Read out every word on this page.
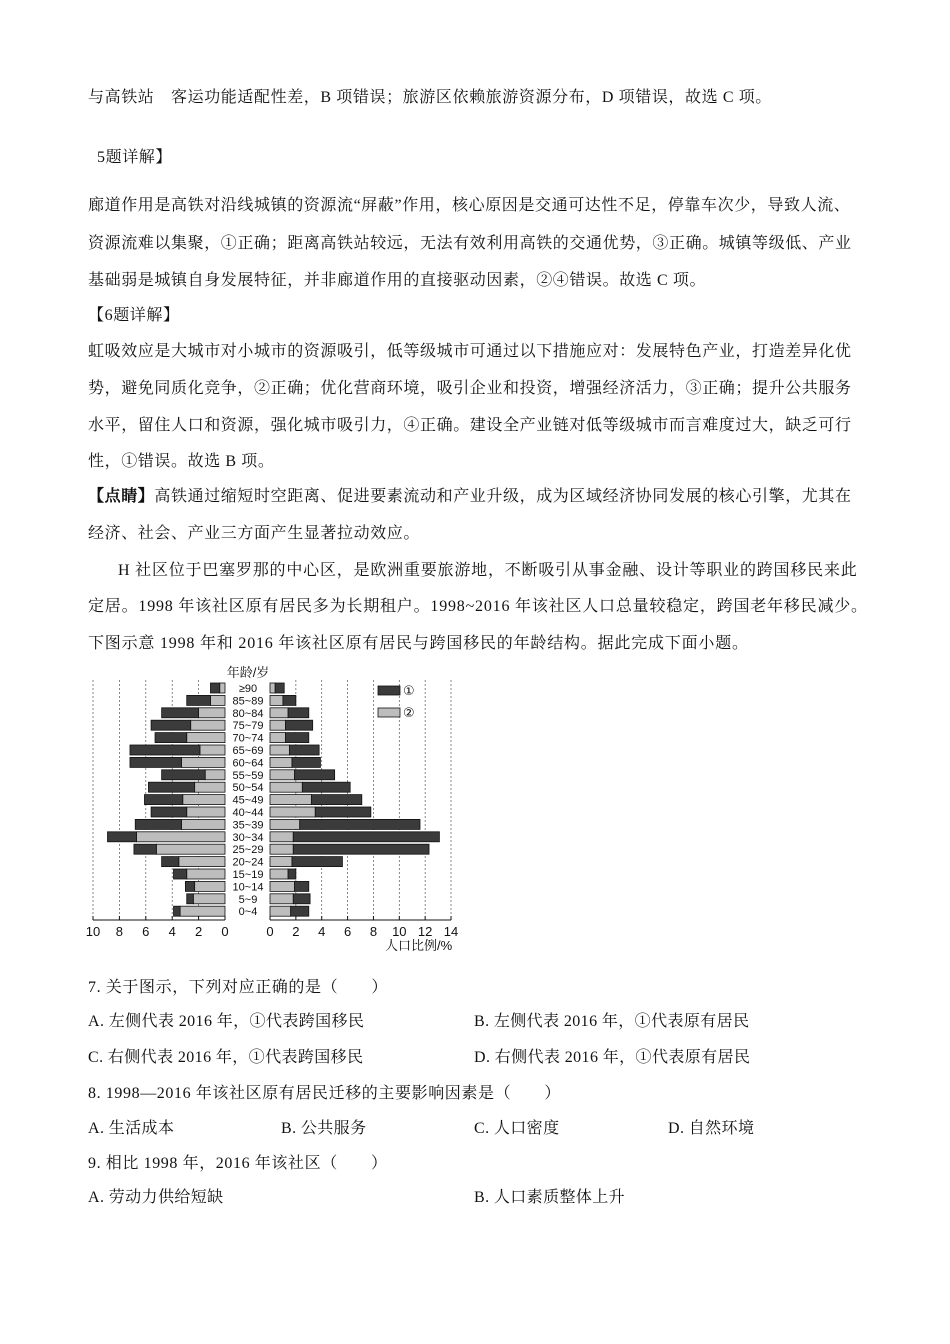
与高铁站　客运功能适配性差，B 项错误；旅游区依赖旅游资源分布，D 项错误，故选 C 项。
5题详解】
廊道作用是高铁对沿线城镇的资源流“屏蔽”作用，核心原因是交通可达性不足，停靠车次少，导致人流、
资源流难以集聚，①正确；距离高铁站较远，无法有效利用高铁的交通优势，③正确。城镇等级低、产业
基础弱是城镇自身发展特征，并非廊道作用的直接驱动因素，②④错误。故选 C 项。
【6题详解】
虹吸效应是大城市对小城市的资源吸引，低等级城市可通过以下措施应对：发展特色产业，打造差异化优
势，避免同质化竞争，②正确；优化营商环境，吸引企业和投资，增强经济活力，③正确；提升公共服务
水平，留住人口和资源，强化城市吸引力，④正确。建设全产业链对低等级城市而言难度过大，缺乏可行
性，①错误。故选 B 项。
【点睛】高铁通过缩短时空距离、促进要素流动和产业升级，成为区域经济协同发展的核心引擎，尤其在
经济、社会、产业三方面产生显著拉动效应。
H 社区位于巴塞罗那的中心区，是欧洲重要旅游地，不断吸引从事金融、设计等职业的跨国移民来此
定居。1998 年该社区原有居民多为长期租户。1998~2016 年该社区人口总量较稳定，跨国老年移民减少。
下图示意 1998 年和 2016 年该社区原有居民与跨国移民的年龄结构。据此完成下面小题。
≥90
85~89
80~84
75~79
70~74
65~69
60~64
55~59
50~54
45~49
40~44
35~39
30~34
25~29
20~24
15~19
10~14
5~9
0~4
10 8 6 4 2 0	0 2 4 6 8 10 12 14
年龄/岁
人口比例/%
①
②
7. 关于图示，下列对应正确的是（　　）
A. 左侧代表 2016 年，①代表跨国移民	B. 左侧代表 2016 年，①代表原有居民
C. 右侧代表 2016 年，①代表跨国移民	D. 右侧代表 2016 年，①代表原有居民
8. 1998—2016 年该社区原有居民迁移的主要影响因素是（　　）
A. 生活成本	B. 公共服务	C. 人口密度	D. 自然环境
9. 相比 1998 年，2016 年该社区（　　）
A. 劳动力供给短缺	B. 人口素质整体上升
